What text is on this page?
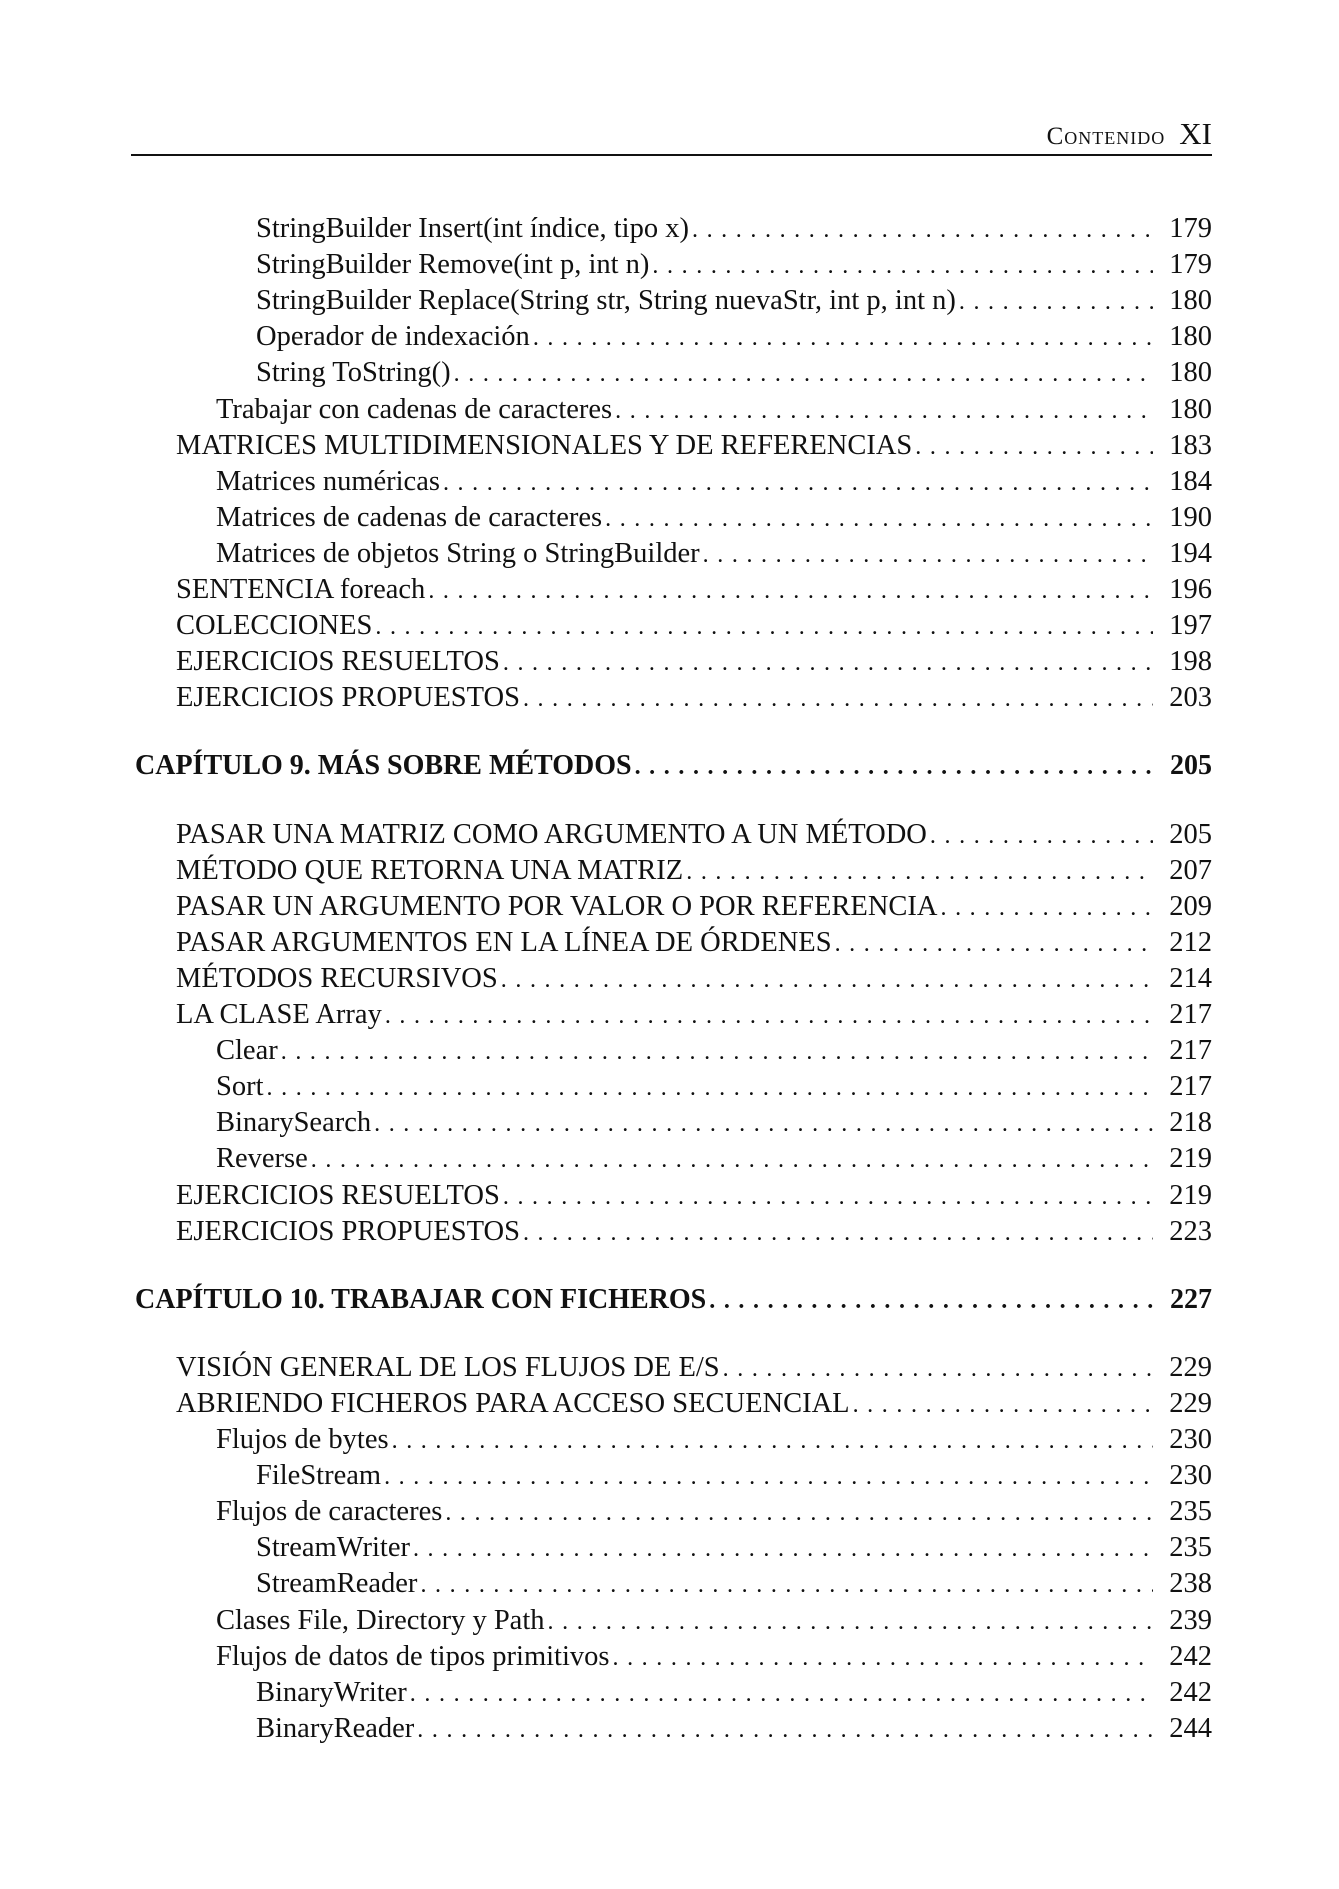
Contenido XI
StringBuilder Insert(int índice, tipo x) . . .	179
StringBuilder Remove(int p, int n) . . .	179
StringBuilder Replace(String str, String nuevaStr, int p, int n) . . .	180
Operador de indexación . . .	180
String ToString() . . .	180
Trabajar con cadenas de caracteres . . .	180
MATRICES MULTIDIMENSIONALES Y DE REFERENCIAS . . .	183
Matrices numéricas . . .	184
Matrices de cadenas de caracteres . . .	190
Matrices de objetos String o StringBuilder . . .	194
SENTENCIA foreach . . .	196
COLECCIONES . . .	197
EJERCICIOS RESUELTOS . . .	198
EJERCICIOS PROPUESTOS . . .	203
CAPÍTULO 9. MÁS SOBRE MÉTODOS . . .	205
PASAR UNA MATRIZ COMO ARGUMENTO A UN MÉTODO . . .	205
MÉTODO QUE RETORNA UNA MATRIZ . . .	207
PASAR UN ARGUMENTO POR VALOR O POR REFERENCIA . . .	209
PASAR ARGUMENTOS EN LA LÍNEA DE ÓRDENES . . .	212
MÉTODOS RECURSIVOS . . .	214
LA CLASE Array . . .	217
Clear . . .	217
Sort . . .	217
BinarySearch . . .	218
Reverse . . .	219
EJERCICIOS RESUELTOS . . .	219
EJERCICIOS PROPUESTOS . . .	223
CAPÍTULO 10. TRABAJAR CON FICHEROS . . .	227
VISIÓN GENERAL DE LOS FLUJOS DE E/S . . .	229
ABRIENDO FICHEROS PARA ACCESO SECUENCIAL . . .	229
Flujos de bytes . . .	230
FileStream . . .	230
Flujos de caracteres . . .	235
StreamWriter . . .	235
StreamReader . . .	238
Clases File, Directory y Path . . .	239
Flujos de datos de tipos primitivos . . .	242
BinaryWriter . . .	242
BinaryReader . . .	244
